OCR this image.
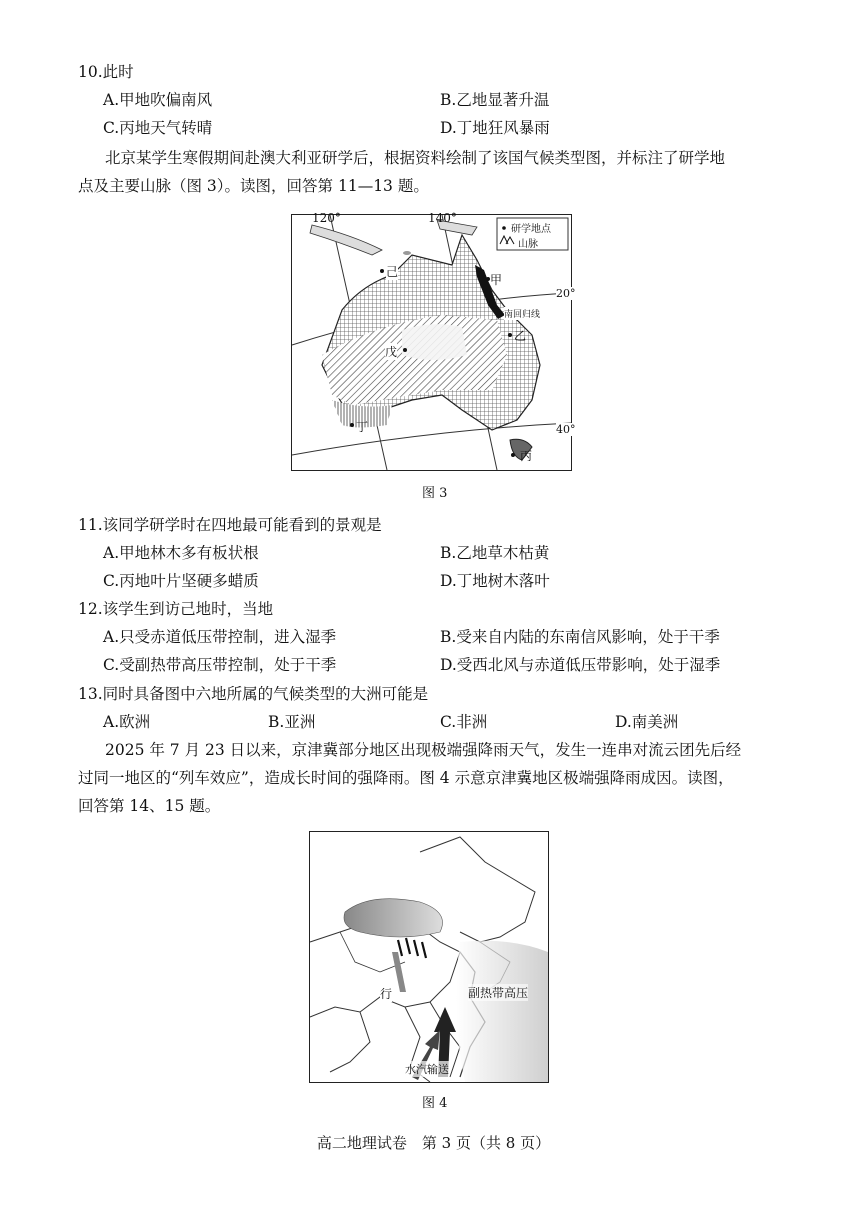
10.此时
A.甲地吹偏南风	B.乙地显著升温
C.丙地天气转晴	D.丁地狂风暴雨
北京某学生寒假期间赴澳大利亚研学后，根据资料绘制了该国气候类型图，并标注了研学地
点及主要山脉（图 3）。读图，回答第 11—13 题。
120°	140°
20°
40°
研学地点
山脉
甲
乙
丙
丁
戊
己
南回归线
图 3
11.该同学研学时在四地最可能看到的景观是
A.甲地林木多有板状根	B.乙地草木枯黄
C.丙地叶片坚硬多蜡质	D.丁地树木落叶
12.该学生到访己地时，当地
A.只受赤道低压带控制，进入湿季	B.受来自内陆的东南信风影响，处于干季
C.受副热带高压带控制，处于干季	D.受西北风与赤道低压带影响，处于湿季
13.同时具备图中六地所属的气候类型的大洲可能是
A.欧洲	B.亚洲	C.非洲	D.南美洲
2025 年 7 月 23 日以来，京津冀部分地区出现极端强降雨天气，发生一连串对流云团先后经
过同一地区的“列车效应”，造成长时间的强降雨。图 4 示意京津冀地区极端强降雨成因。读图，
回答第 14、15 题。
副热带高压
行
水汽输送
图 4
高二地理试卷　第 3 页（共 8 页）
